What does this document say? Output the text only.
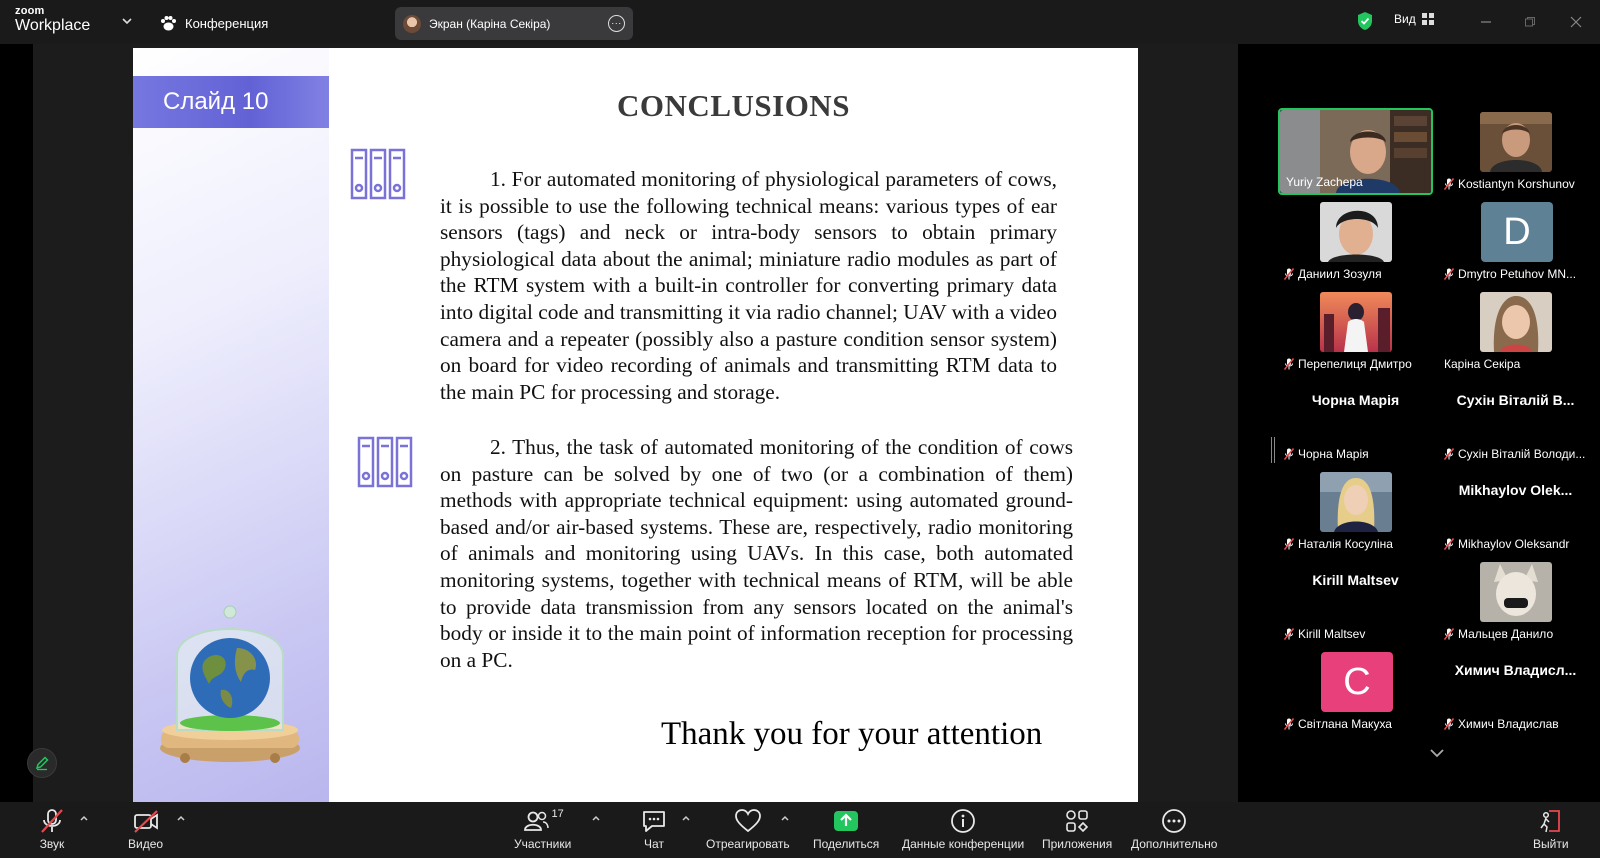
zoom
Workplace	Конференция	Экран (Каріна Секіра)	···	Вид
Слайд 10	CONCLUSIONS
1. For automated monitoring of physiological parameters of cows, it is possible to use the following technical means: various types of ear sensors (tags) and neck or intra-body sensors to obtain primary physiological data about the animal; miniature radio modules as part of the RTM system with a built-in controller for converting primary data into digital code and transmitting it via radio channel; UAV with a video camera and a repeater (possibly also a pasture condition sensor system) on board for video recording of animals and transmitting RTM data to the main PC for processing and storage.
2. Thus, the task of automated monitoring of the condition of cows on pasture can be solved by one of two (or a combination of them) methods with appropriate technical equipment: using automated ground-based and/or air-based systems. These are, respectively, radio monitoring of animals and monitoring using UAVs. In this case, both automated monitoring systems, together with technical means of RTM, will be able to provide data transmission from any sensors located on the animal's body or inside it to the main point of information reception for processing on a PC.
Thank you for your attention
Yuriy Zachepa	Kostiantyn Korshunov
Даниил Зозуля
D
Dmytro Petuhov MN...
Перепелиця Дмитро	Каріна Секіра
Чорна Марія
Чорна Марія
Сухін Віталій В...
Сухін Віталій Володи...
Наталія Косуліна
Mikhaylov Olek...
Mikhaylov Oleksandr
Kirill Maltsev
Kirill Maltsev	Мальцев Данило
C
Світлана Макуха
Химич Владисл...
Химич Владислав
Звук	Видео
17
Участники	Чат	Отреагировать Поделиться Данные конференции Приложения Дополнительно	Выйти
